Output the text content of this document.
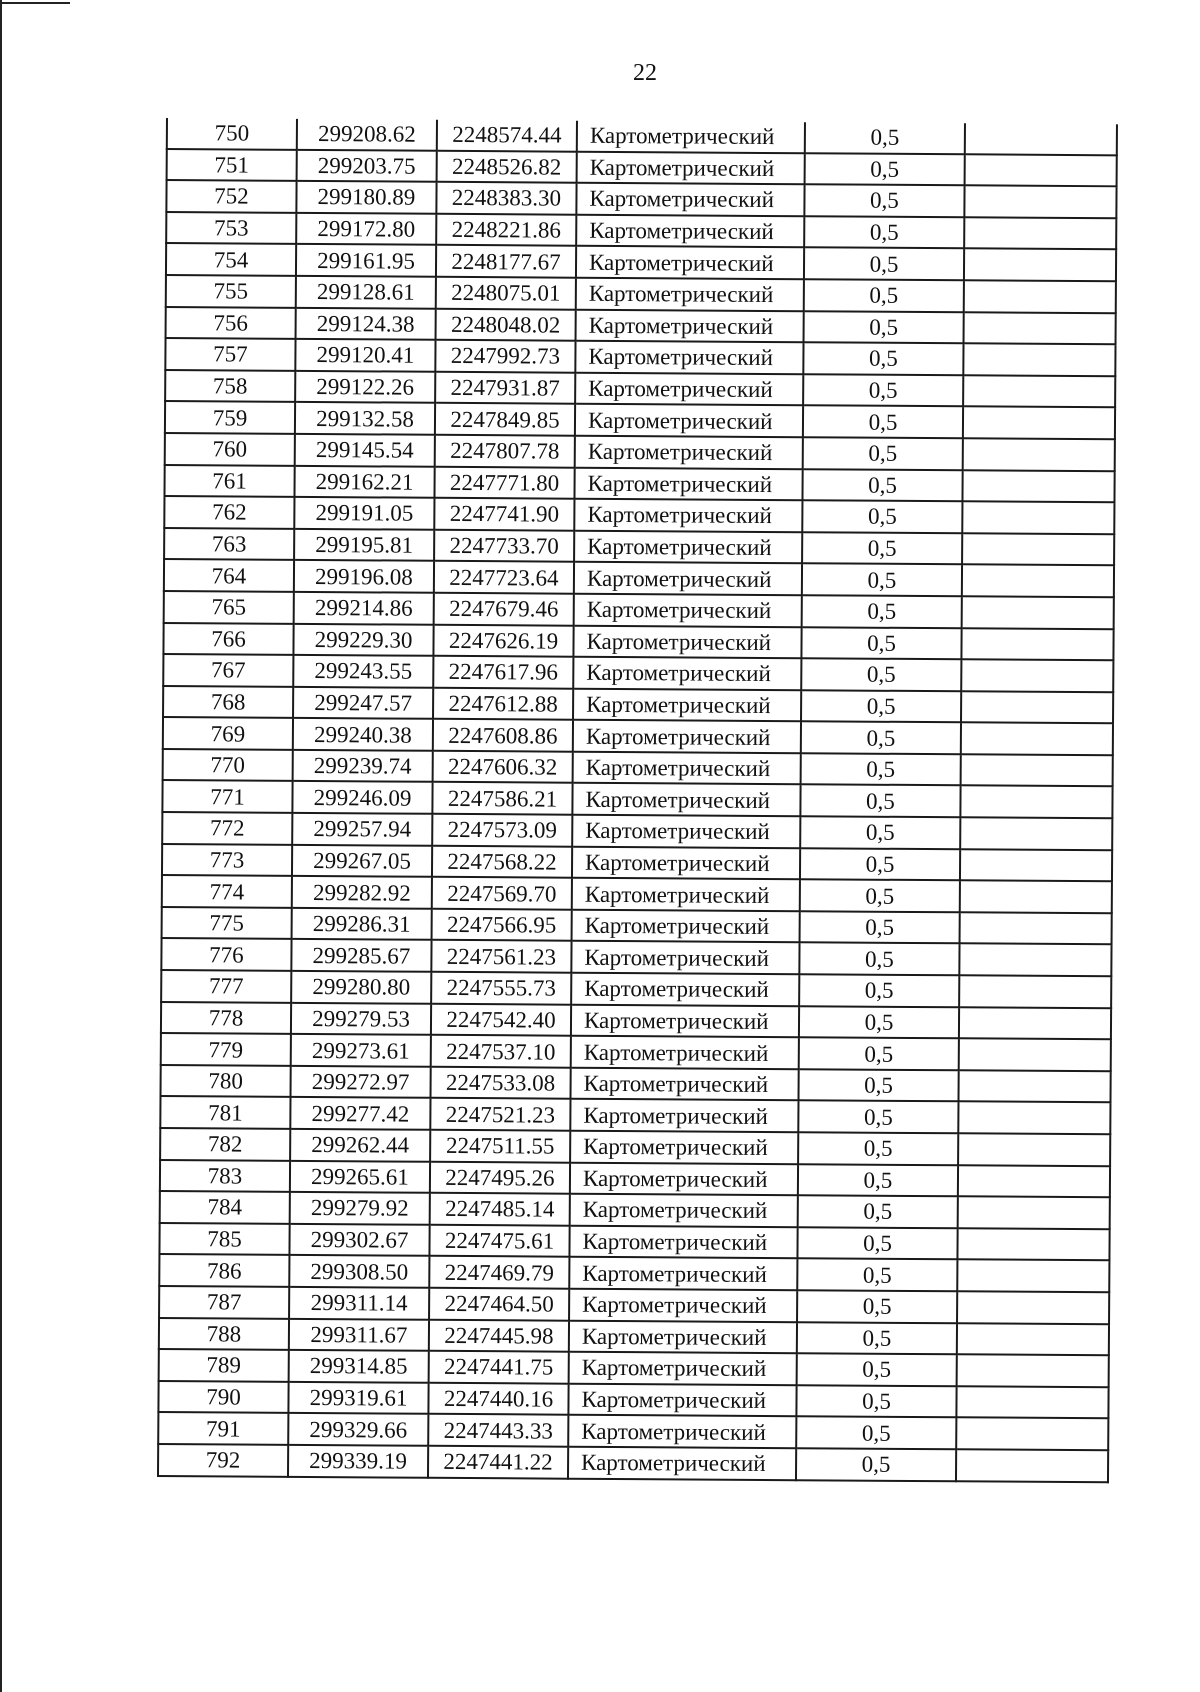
22
750	299208.62	2248574.44	Картометрический	0,5	
751	299203.75	2248526.82	Картометрический	0,5	
752	299180.89	2248383.30	Картометрический	0,5	
753	299172.80	2248221.86	Картометрический	0,5	
754	299161.95	2248177.67	Картометрический	0,5	
755	299128.61	2248075.01	Картометрический	0,5	
756	299124.38	2248048.02	Картометрический	0,5	
757	299120.41	2247992.73	Картометрический	0,5	
758	299122.26	2247931.87	Картометрический	0,5	
759	299132.58	2247849.85	Картометрический	0,5	
760	299145.54	2247807.78	Картометрический	0,5	
761	299162.21	2247771.80	Картометрический	0,5	
762	299191.05	2247741.90	Картометрический	0,5	
763	299195.81	2247733.70	Картометрический	0,5	
764	299196.08	2247723.64	Картометрический	0,5	
765	299214.86	2247679.46	Картометрический	0,5	
766	299229.30	2247626.19	Картометрический	0,5	
767	299243.55	2247617.96	Картометрический	0,5	
768	299247.57	2247612.88	Картометрический	0,5	
769	299240.38	2247608.86	Картометрический	0,5	
770	299239.74	2247606.32	Картометрический	0,5	
771	299246.09	2247586.21	Картометрический	0,5	
772	299257.94	2247573.09	Картометрический	0,5	
773	299267.05	2247568.22	Картометрический	0,5	
774	299282.92	2247569.70	Картометрический	0,5	
775	299286.31	2247566.95	Картометрический	0,5	
776	299285.67	2247561.23	Картометрический	0,5	
777	299280.80	2247555.73	Картометрический	0,5	
778	299279.53	2247542.40	Картометрический	0,5	
779	299273.61	2247537.10	Картометрический	0,5	
780	299272.97	2247533.08	Картометрический	0,5	
781	299277.42	2247521.23	Картометрический	0,5	
782	299262.44	2247511.55	Картометрический	0,5	
783	299265.61	2247495.26	Картометрический	0,5	
784	299279.92	2247485.14	Картометрический	0,5	
785	299302.67	2247475.61	Картометрический	0,5	
786	299308.50	2247469.79	Картометрический	0,5	
787	299311.14	2247464.50	Картометрический	0,5	
788	299311.67	2247445.98	Картометрический	0,5	
789	299314.85	2247441.75	Картометрический	0,5	
790	299319.61	2247440.16	Картометрический	0,5	
791	299329.66	2247443.33	Картометрический	0,5	
792	299339.19	2247441.22	Картометрический	0,5	
